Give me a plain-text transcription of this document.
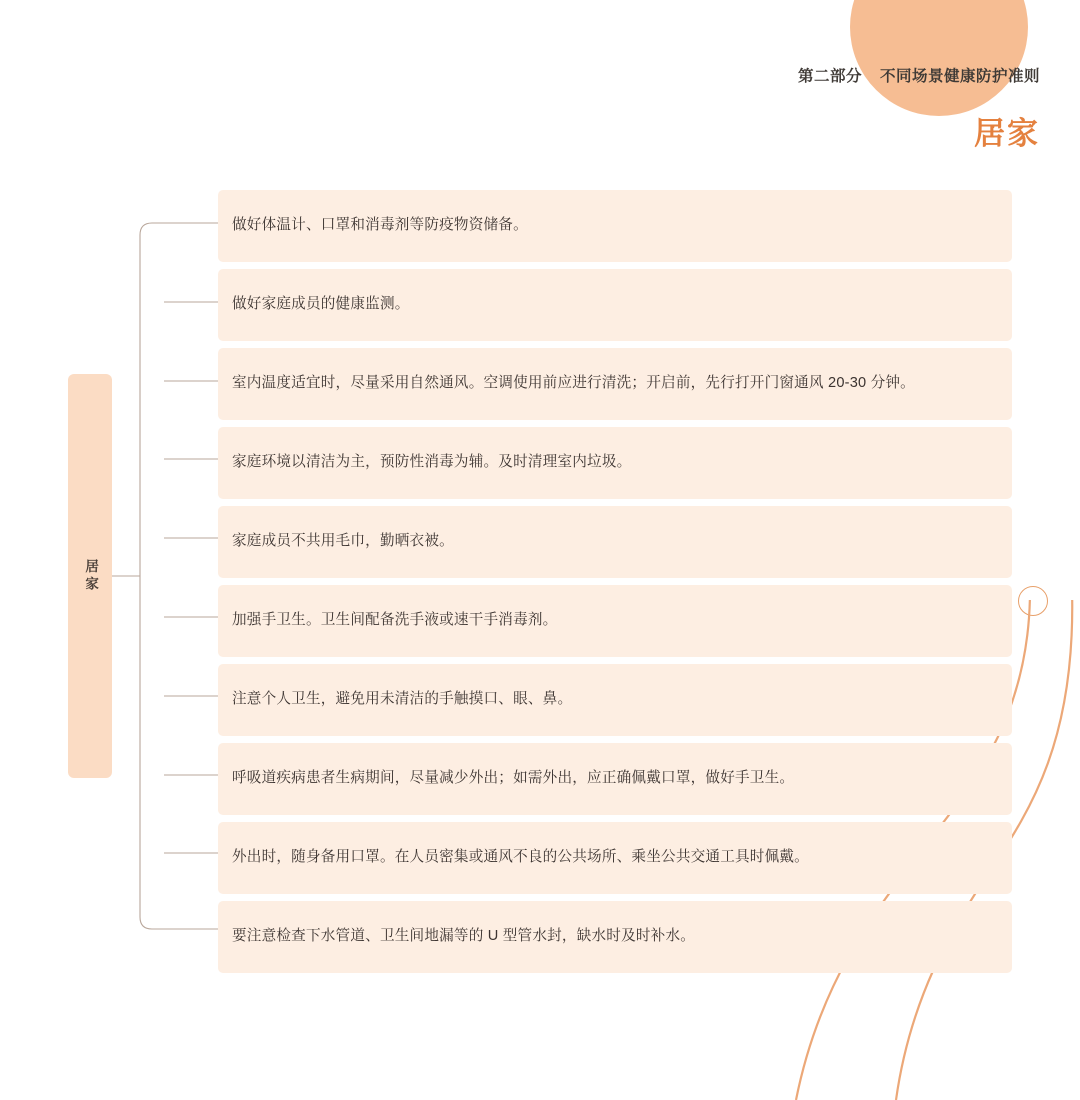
第二部分 不同场景健康防护准则
居家
居家
做好体温计、口罩和消毒剂等防疫物资储备。
做好家庭成员的健康监测。
室内温度适宜时，尽量采用自然通风。空调使用前应进行清洗；开启前，先行打开门窗通风 20-30 分钟。
家庭环境以清洁为主，预防性消毒为辅。及时清理室内垃圾。
家庭成员不共用毛巾，勤晒衣被。
加强手卫生。卫生间配备洗手液或速干手消毒剂。
注意个人卫生，避免用未清洁的手触摸口、眼、鼻。
呼吸道疾病患者生病期间，尽量减少外出；如需外出，应正确佩戴口罩，做好手卫生。
外出时，随身备用口罩。在人员密集或通风不良的公共场所、乘坐公共交通工具时佩戴。
要注意检查下水管道、卫生间地漏等的 U 型管水封，缺水时及时补水。
